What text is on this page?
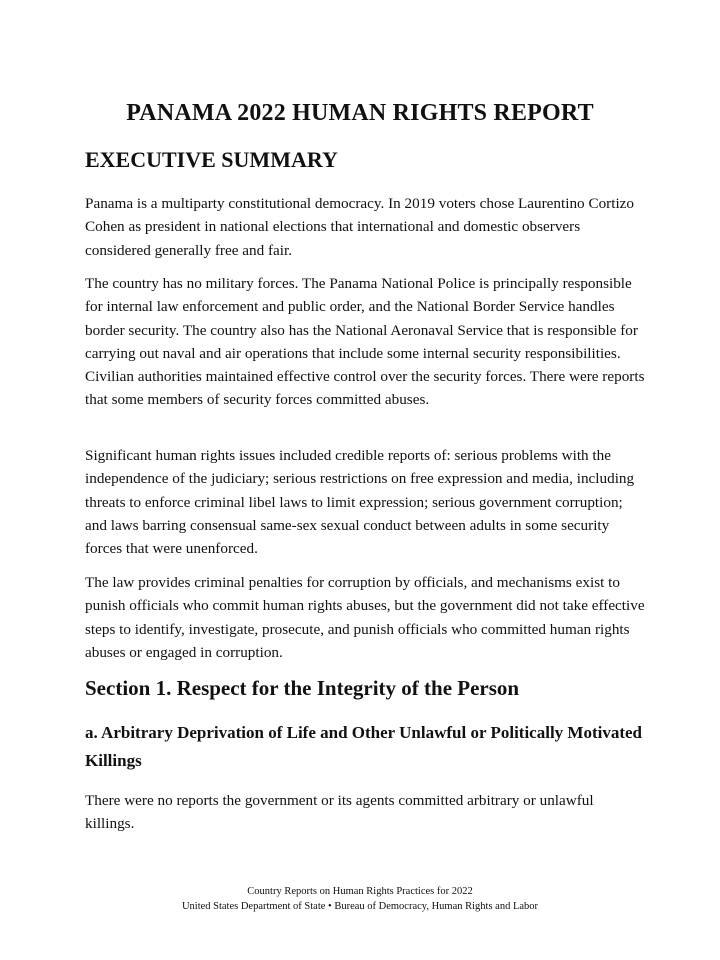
PANAMA 2022 HUMAN RIGHTS REPORT
EXECUTIVE SUMMARY

Panama is a multiparty constitutional democracy. In 2019 voters chose Laurentino Cortizo Cohen as president in national elections that international and domestic observers considered generally free and fair.

The country has no military forces. The Panama National Police is principally responsible for internal law enforcement and public order, and the National Border Service handles border security. The country also has the National Aeronaval Service that is responsible for carrying out naval and air operations that include some internal security responsibilities. Civilian authorities maintained effective control over the security forces. There were reports that some members of security forces committed abuses.

Significant human rights issues included credible reports of: serious problems with the independence of the judiciary; serious restrictions on free expression and media, including threats to enforce criminal libel laws to limit expression; serious government corruption; and laws barring consensual same-sex sexual conduct between adults in some security forces that were unenforced.

The law provides criminal penalties for corruption by officials, and mechanisms exist to punish officials who commit human rights abuses, but the government did not take effective steps to identify, investigate, prosecute, and punish officials who committed human rights abuses or engaged in corruption.

Section 1. Respect for the Integrity of the Person
a. Arbitrary Deprivation of Life and Other Unlawful or Politically Motivated Killings

There were no reports the government or its agents committed arbitrary or unlawful killings.

Country Reports on Human Rights Practices for 2022
United States Department of State • Bureau of Democracy, Human Rights and Labor
